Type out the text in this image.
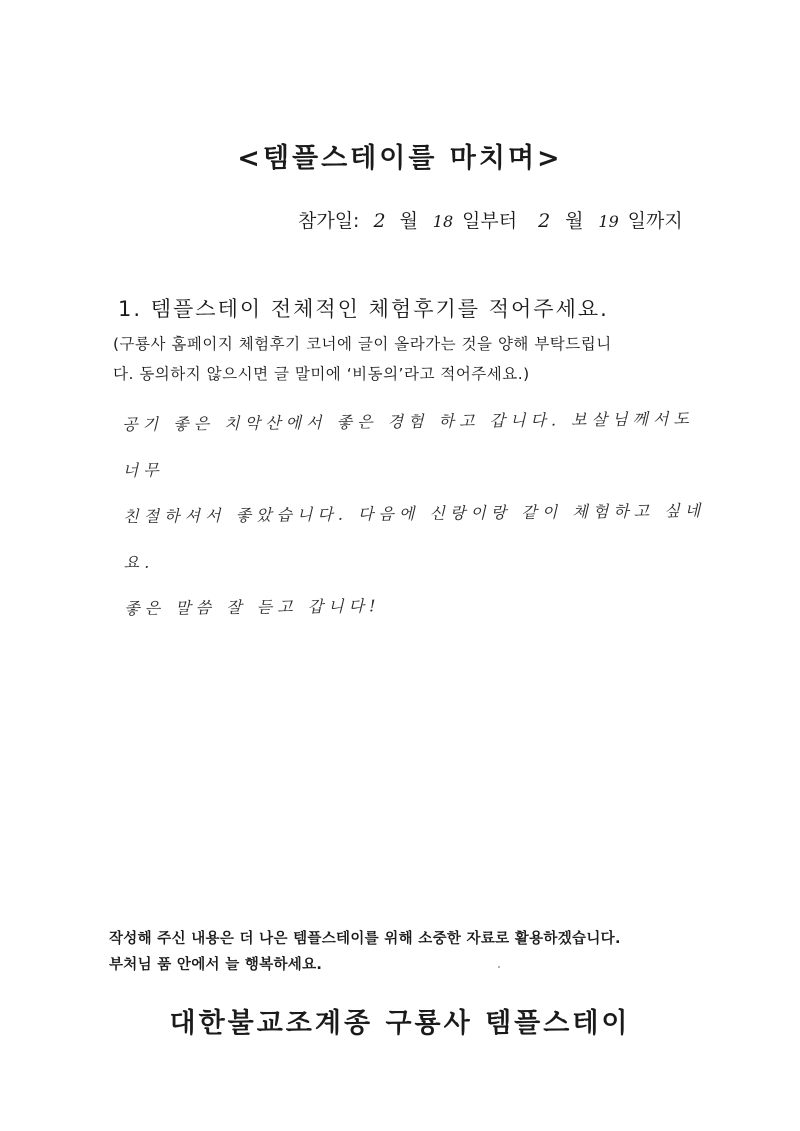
<템플스테이를 마치며>
참가일: 2 월 18 일부터 2 월 19 일까지
1. 템플스테이 전체적인 체험후기를 적어주세요.
(구룡사 홈페이지 체험후기 코너에 글이 올라가는 것을 양해 부탁드립니
다. 동의하지 않으시면 글 말미에 ‘비동의’라고 적어주세요.)
공기 좋은 치악산에서 좋은 경험 하고 갑니다. 보살님께서도 너무
친절하셔서 좋았습니다. 다음에 신랑이랑 같이 체험하고 싶네요.
좋은 말씀 잘 듣고 갑니다!
작성해 주신 내용은 더 나은 템플스테이를 위해 소중한 자료로 활용하겠습니다.
부처님 품 안에서 늘 행복하세요.
대한불교조계종 구룡사 템플스테이
